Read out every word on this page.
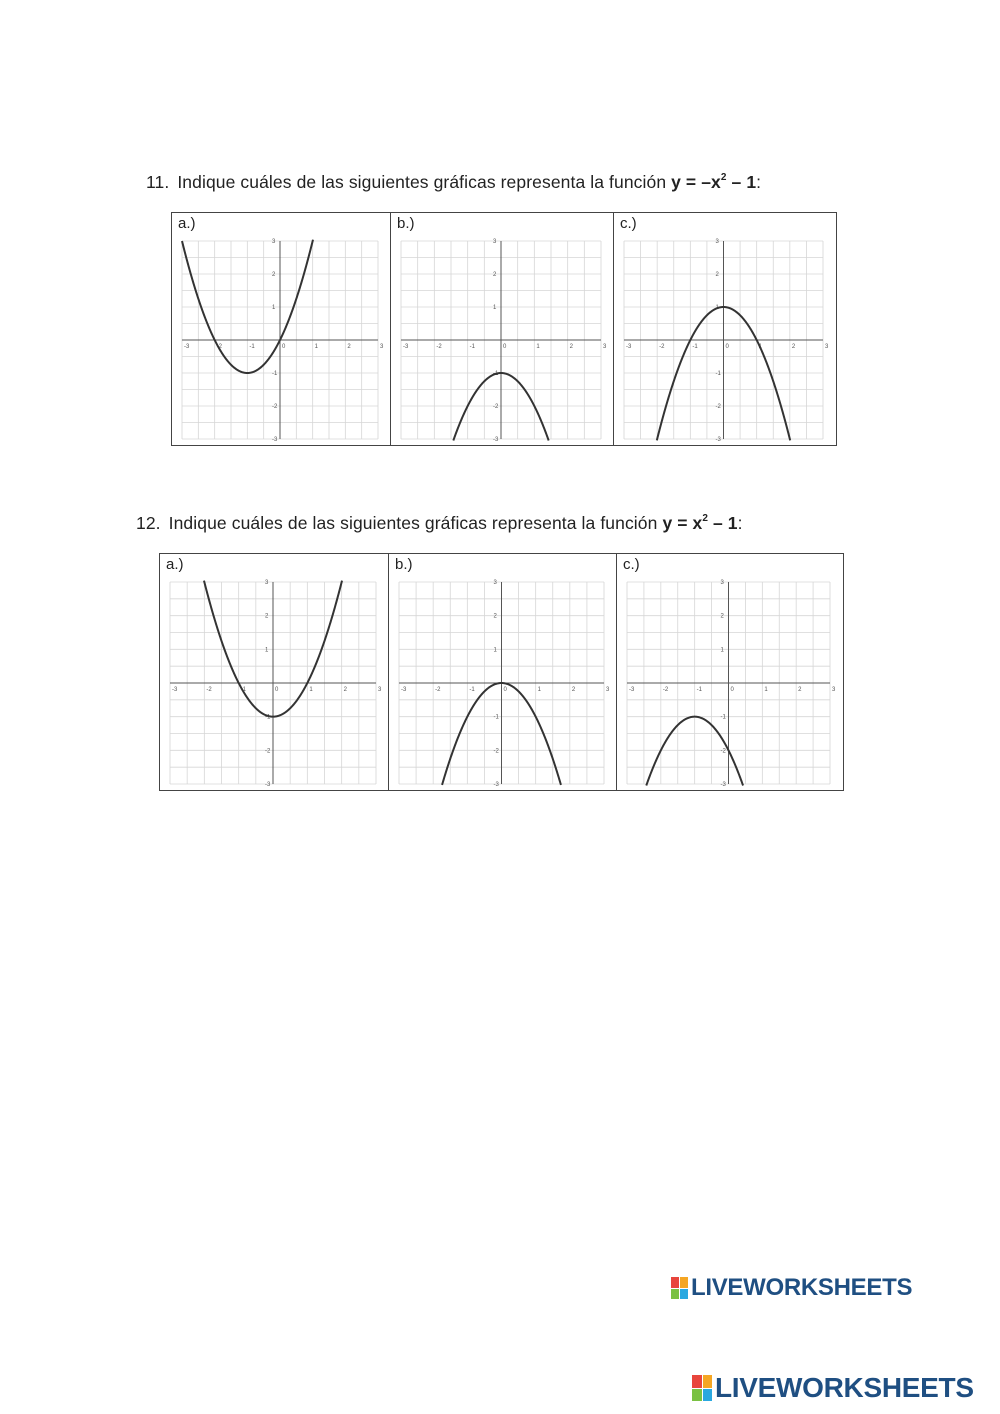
11. Indique cuáles de las siguientes gráficas representa la función $y = -x^2 - 1$:
a.)
-3	-2	-1	0	1	2	3
-3
-2
-1
1
2
3
b.)
-3	-2	-1	0	1	2	3
-3
-2
-1
1
2
3
c.)
-3	-2	-1	0	1	2	3
-3
-2
-1
1
2
3
12. Indique cuáles de las siguientes gráficas representa la función $y = x^2 - 1$:
a.)
-3	-2	-1	0	1	2	3
-3
-2
-1
1
2
3
b.)
-3	-2	-1	0	1	2	3
-3
-2
-1
1
2
3
c.)
-3	-2	-1	0	1	2	3
-3
-2
-1
1
2
3
LIVEWORKSHEETS
LIVEWORKSHEETS
